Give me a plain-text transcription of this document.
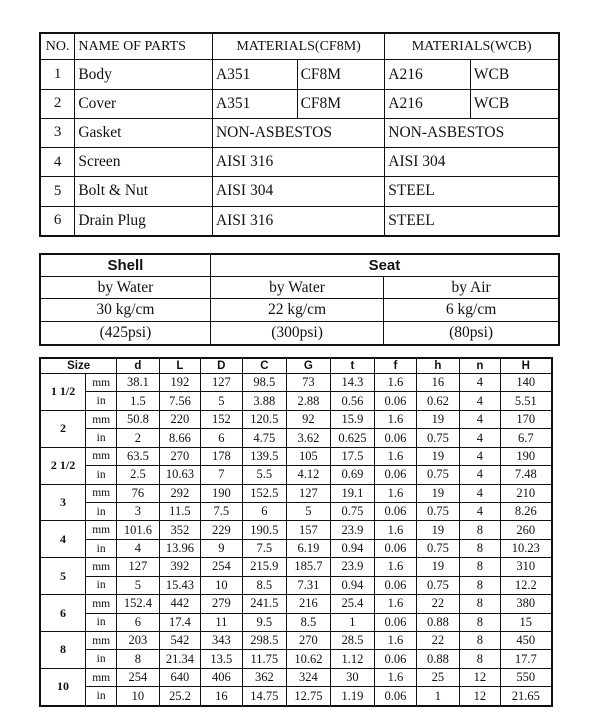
NO.	NAME OF PARTS	MATERIALS(CF8M)		MATERIALS(WCB)	
1	Body	A351	CF8M	A216	WCB
2	Cover	A351	CF8M	A216	WCB
3	Gasket	NON-ASBESTOS		NON-ASBESTOS	
4	Screen	AISI 316		AISI 304	
5	Bolt & Nut	AISI 304		STEEL	
6	Drain Plug	AISI 316		STEEL	
Shell	Seat	
by Water	by Water	by Air
30 kg/cm	22 kg/cm	6 kg/cm
(425psi)	(300psi)	(80psi)
Size		d	L	D	C	G	t	f	h	n	H
1 1/2	mm	38.1	192	127	98.5	73	14.3	1.6	16	4	140
	in	1.5	7.56	5	3.88	2.88	0.56	0.06	0.62	4	5.51
2	mm	50.8	220	152	120.5	92	15.9	1.6	19	4	170
	in	2	8.66	6	4.75	3.62	0.625	0.06	0.75	4	6.7
2 1/2	mm	63.5	270	178	139.5	105	17.5	1.6	19	4	190
	in	2.5	10.63	7	5.5	4.12	0.69	0.06	0.75	4	7.48
3	mm	76	292	190	152.5	127	19.1	1.6	19	4	210
	in	3	11.5	7.5	6	5	0.75	0.06	0.75	4	8.26
4	mm	101.6	352	229	190.5	157	23.9	1.6	19	8	260
	in	4	13.96	9	7.5	6.19	0.94	0.06	0.75	8	10.23
5	mm	127	392	254	215.9	185.7	23.9	1.6	19	8	310
	in	5	15.43	10	8.5	7.31	0.94	0.06	0.75	8	12.2
6	mm	152.4	442	279	241.5	216	25.4	1.6	22	8	380
	in	6	17.4	11	9.5	8.5	1	0.06	0.88	8	15
8	mm	203	542	343	298.5	270	28.5	1.6	22	8	450
	in	8	21.34	13.5	11.75	10.62	1.12	0.06	0.88	8	17.7
10	mm	254	640	406	362	324	30	1.6	25	12	550
	in	10	25.2	16	14.75	12.75	1.19	0.06	1	12	21.65
